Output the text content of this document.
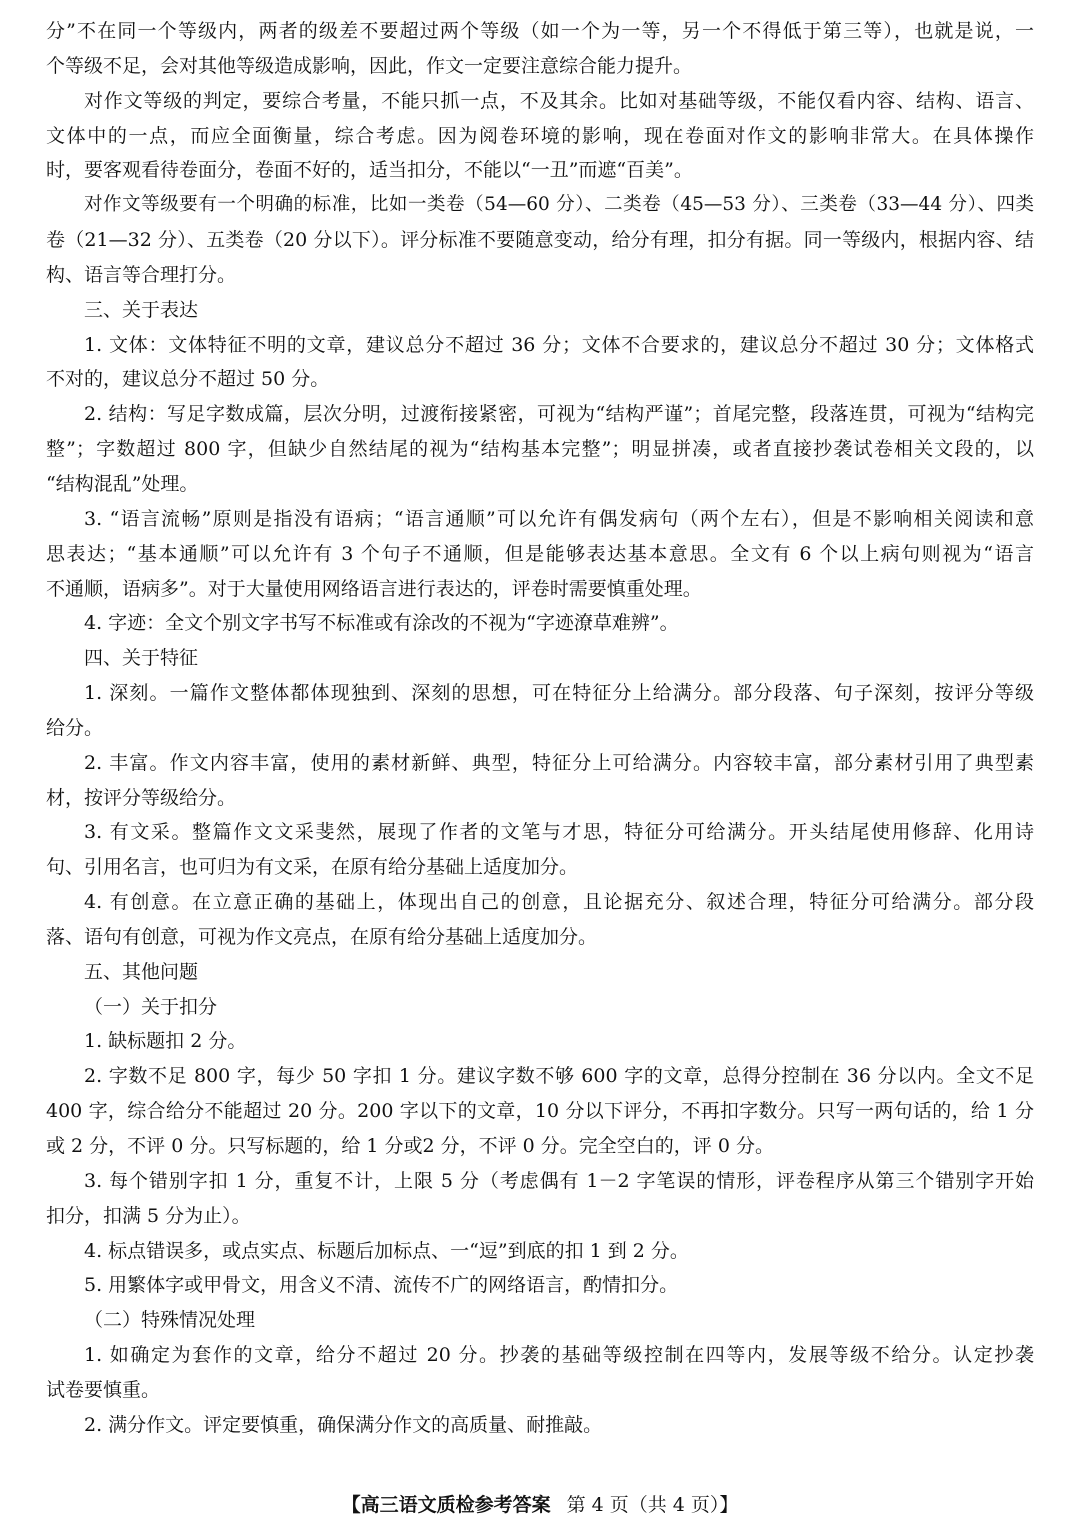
分”不在同一个等级内，两者的级差不要超过两个等级（如一个为一等，另一个不得低于第三等），也就是说，一
个等级不足，会对其他等级造成影响，因此，作文一定要注意综合能力提升。
对作文等级的判定，要综合考量，不能只抓一点，不及其余。比如对基础等级，不能仅看内容、结构、语言、
文体中的一点，而应全面衡量，综合考虑。因为阅卷环境的影响，现在卷面对作文的影响非常大。在具体操作
时，要客观看待卷面分，卷面不好的，适当扣分，不能以“一丑”而遮“百美”。
对作文等级要有一个明确的标准，比如一类卷（54—60 分）、二类卷（45—53 分）、三类卷（33—44 分）、四类
卷（21—32 分）、五类卷（20 分以下）。评分标准不要随意变动，给分有理，扣分有据。同一等级内，根据内容、结
构、语言等合理打分。
三、关于表达
1. 文体：文体特征不明的文章，建议总分不超过 36 分；文体不合要求的，建议总分不超过 30 分；文体格式
不对的，建议总分不超过 50 分。
2. 结构：写足字数成篇，层次分明，过渡衔接紧密，可视为“结构严谨”；首尾完整，段落连贯，可视为“结构完
整”；字数超过 800 字，但缺少自然结尾的视为“结构基本完整”；明显拼凑，或者直接抄袭试卷相关文段的，以
“结构混乱”处理。
3. “语言流畅”原则是指没有语病；“语言通顺”可以允许有偶发病句（两个左右），但是不影响相关阅读和意
思表达；“基本通顺”可以允许有 3 个句子不通顺，但是能够表达基本意思。全文有 6 个以上病句则视为“语言
不通顺，语病多”。对于大量使用网络语言进行表达的，评卷时需要慎重处理。
4. 字迹：全文个别文字书写不标准或有涂改的不视为“字迹潦草难辨”。
四、关于特征
1. 深刻。一篇作文整体都体现独到、深刻的思想，可在特征分上给满分。部分段落、句子深刻，按评分等级
给分。
2. 丰富。作文内容丰富，使用的素材新鲜、典型，特征分上可给满分。内容较丰富，部分素材引用了典型素
材，按评分等级给分。
3. 有文采。整篇作文文采斐然，展现了作者的文笔与才思，特征分可给满分。开头结尾使用修辞、化用诗
句、引用名言，也可归为有文采，在原有给分基础上适度加分。
4. 有创意。在立意正确的基础上，体现出自己的创意，且论据充分、叙述合理，特征分可给满分。部分段
落、语句有创意，可视为作文亮点，在原有给分基础上适度加分。
五、其他问题
（一）关于扣分
1. 缺标题扣 2 分。
2. 字数不足 800 字，每少 50 字扣 1 分。建议字数不够 600 字的文章，总得分控制在 36 分以内。全文不足
400 字，综合给分不能超过 20 分。200 字以下的文章，10 分以下评分，不再扣字数分。只写一两句话的，给 1 分
或 2 分，不评 0 分。只写标题的，给 1 分或2 分，不评 0 分。完全空白的，评 0 分。
3. 每个错别字扣 1 分，重复不计，上限 5 分（考虑偶有 1－2 字笔误的情形，评卷程序从第三个错别字开始
扣分，扣满 5 分为止）。
4. 标点错误多，或点实点、标题后加标点、一“逗”到底的扣 1 到 2 分。
5. 用繁体字或甲骨文，用含义不清、流传不广的网络语言，酌情扣分。
（二）特殊情况处理
1. 如确定为套作的文章，给分不超过 20 分。抄袭的基础等级控制在四等内，发展等级不给分。认定抄袭
试卷要慎重。
2. 满分作文。评定要慎重，确保满分作文的高质量、耐推敲。
【高三语文质检参考答案 第 4 页（共 4 页）】
